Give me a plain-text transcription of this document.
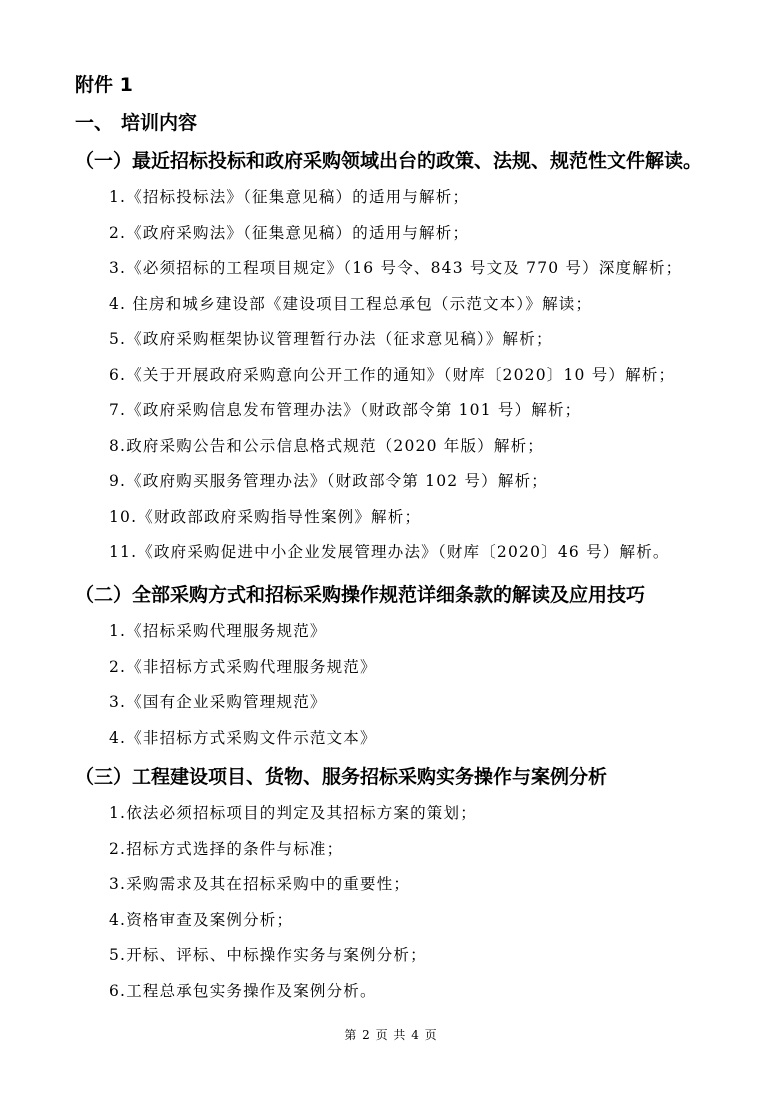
附件 1
一、 培训内容
（一）最近招标投标和政府采购领域出台的政策、法规、规范性文件解读。
1.《招标投标法》（征集意见稿）的适用与解析；
2.《政府采购法》（征集意见稿）的适用与解析；
3.《必须招标的工程项目规定》（16 号令、843 号文及 770 号）深度解析；
4. 住房和城乡建设部《建设项目工程总承包（示范文本）》解读；
5.《政府采购框架协议管理暂行办法（征求意见稿）》解析；
6.《关于开展政府采购意向公开工作的通知》（财库〔2020〕10 号）解析；
7.《政府采购信息发布管理办法》（财政部令第 101 号）解析；
8.政府采购公告和公示信息格式规范（2020 年版）解析；
9.《政府购买服务管理办法》（财政部令第 102 号）解析；
10.《财政部政府采购指导性案例》解析；
11.《政府采购促进中小企业发展管理办法》（财库〔2020〕46 号）解析。
（二）全部采购方式和招标采购操作规范详细条款的解读及应用技巧
1.《招标采购代理服务规范》
2.《非招标方式采购代理服务规范》
3.《国有企业采购管理规范》
4.《非招标方式采购文件示范文本》
（三）工程建设项目、货物、服务招标采购实务操作与案例分析
1.依法必须招标项目的判定及其招标方案的策划；
2.招标方式选择的条件与标准；
3.采购需求及其在招标采购中的重要性；
4.资格审查及案例分析；
5.开标、评标、中标操作实务与案例分析；
6.工程总承包实务操作及案例分析。
第 2 页 共 4 页
